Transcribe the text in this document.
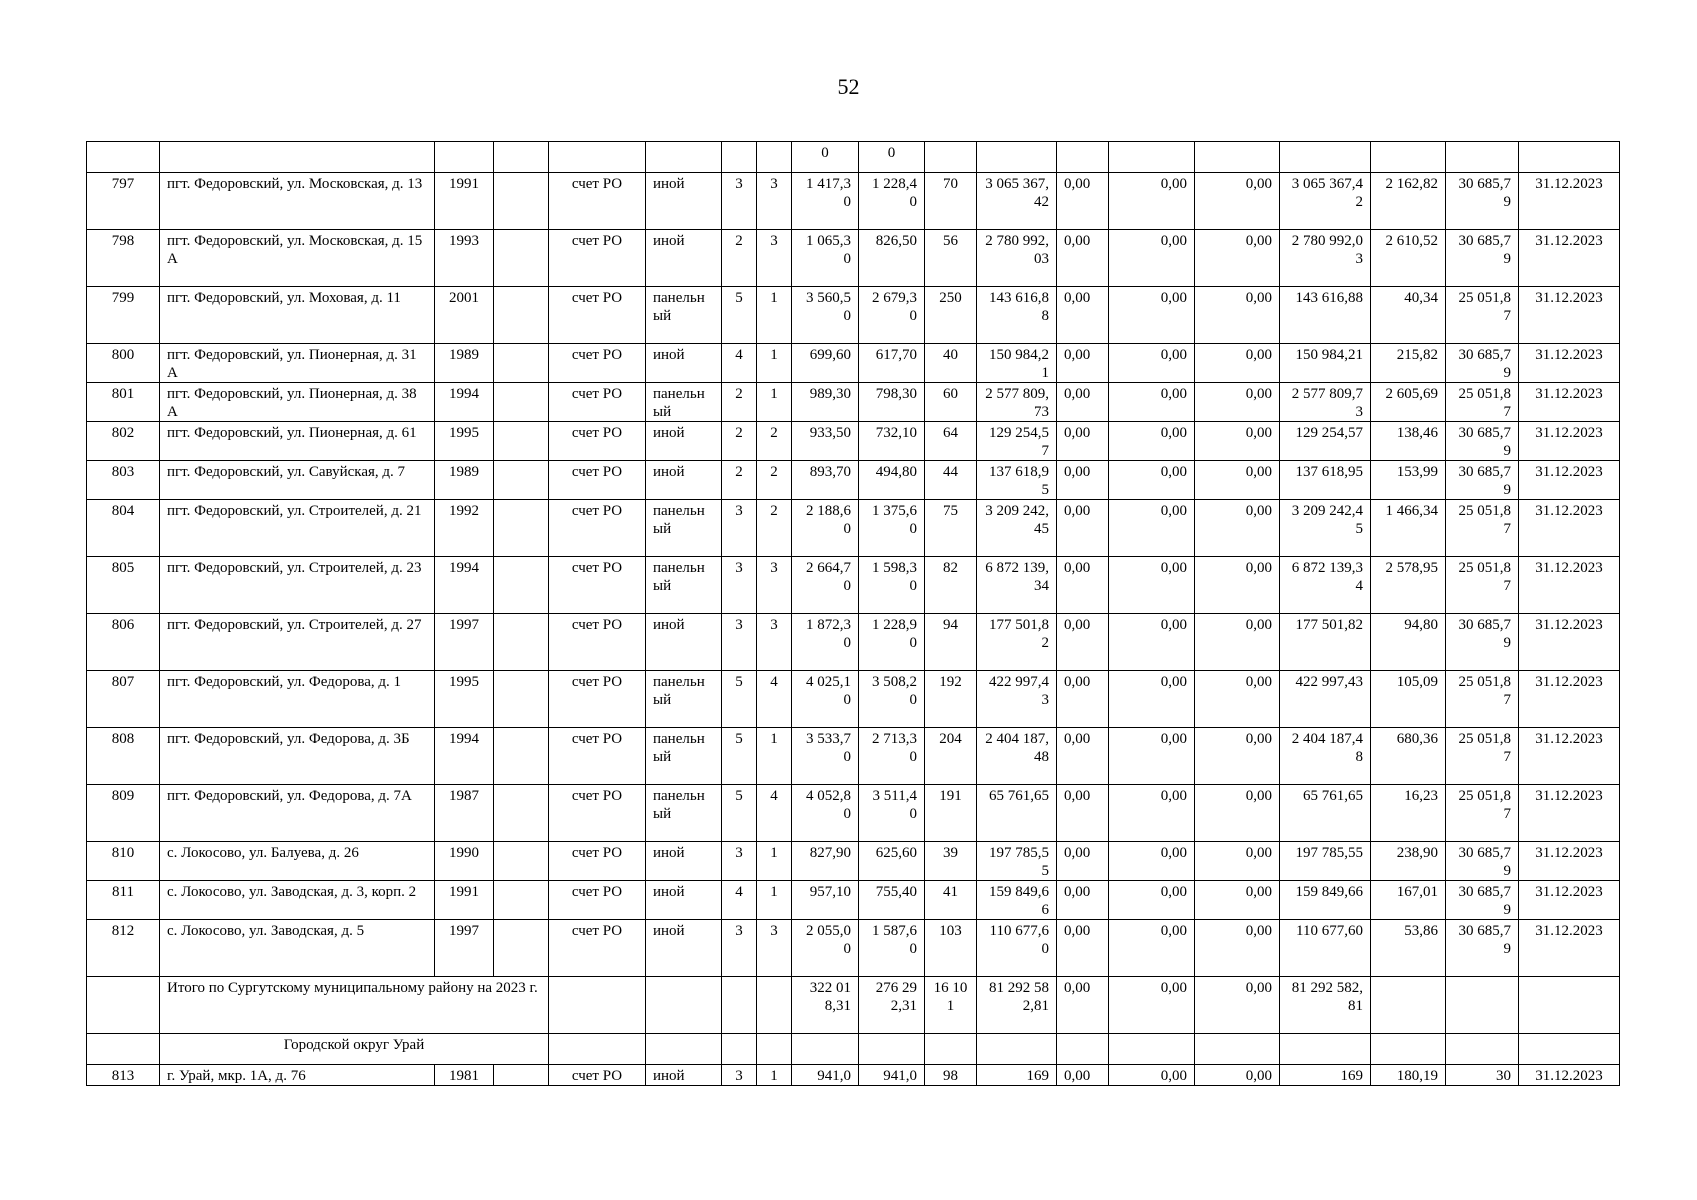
52
								0	0									
797	пгт. Федоровский, ул. Московская, д. 13	1991		счет РО	иной	3	3	1 417,30	1 228,40	70	3 065 367,42	0,00	0,00	0,00	3 065 367,42	2 162,82	30 685,79	31.12.2023
798	пгт. Федоровский, ул. Московская, д. 15А	1993		счет РО	иной	2	3	1 065,30	826,50	56	2 780 992,03	0,00	0,00	0,00	2 780 992,03	2 610,52	30 685,79	31.12.2023
799	пгт. Федоровский, ул. Моховая, д. 11	2001		счет РО	панельный	5	1	3 560,50	2 679,30	250	143 616,88	0,00	0,00	0,00	143 616,88	40,34	25 051,87	31.12.2023
800	пгт. Федоровский, ул. Пионерная, д. 31А	1989		счет РО	иной	4	1	699,60	617,70	40	150 984,21	0,00	0,00	0,00	150 984,21	215,82	30 685,79	31.12.2023
801	пгт. Федоровский, ул. Пионерная, д. 38А	1994		счет РО	панельный	2	1	989,30	798,30	60	2 577 809,73	0,00	0,00	0,00	2 577 809,73	2 605,69	25 051,87	31.12.2023
802	пгт. Федоровский, ул. Пионерная, д. 61	1995		счет РО	иной	2	2	933,50	732,10	64	129 254,57	0,00	0,00	0,00	129 254,57	138,46	30 685,79	31.12.2023
803	пгт. Федоровский, ул. Савуйская, д. 7	1989		счет РО	иной	2	2	893,70	494,80	44	137 618,95	0,00	0,00	0,00	137 618,95	153,99	30 685,79	31.12.2023
804	пгт. Федоровский, ул. Строителей, д. 21	1992		счет РО	панельный	3	2	2 188,60	1 375,60	75	3 209 242,45	0,00	0,00	0,00	3 209 242,45	1 466,34	25 051,87	31.12.2023
805	пгт. Федоровский, ул. Строителей, д. 23	1994		счет РО	панельный	3	3	2 664,70	1 598,30	82	6 872 139,34	0,00	0,00	0,00	6 872 139,34	2 578,95	25 051,87	31.12.2023
806	пгт. Федоровский, ул. Строителей, д. 27	1997		счет РО	иной	3	3	1 872,30	1 228,90	94	177 501,82	0,00	0,00	0,00	177 501,82	94,80	30 685,79	31.12.2023
807	пгт. Федоровский, ул. Федорова, д. 1	1995		счет РО	панельный	5	4	4 025,10	3 508,20	192	422 997,43	0,00	0,00	0,00	422 997,43	105,09	25 051,87	31.12.2023
808	пгт. Федоровский, ул. Федорова, д. 3Б	1994		счет РО	панельный	5	1	3 533,70	2 713,30	204	2 404 187,48	0,00	0,00	0,00	2 404 187,48	680,36	25 051,87	31.12.2023
809	пгт. Федоровский, ул. Федорова, д. 7А	1987		счет РО	панельный	5	4	4 052,80	3 511,40	191	65 761,65	0,00	0,00	0,00	65 761,65	16,23	25 051,87	31.12.2023
810	с. Локосово, ул. Балуева, д. 26	1990		счет РО	иной	3	1	827,90	625,60	39	197 785,55	0,00	0,00	0,00	197 785,55	238,90	30 685,79	31.12.2023
811	с. Локосово, ул. Заводская, д. 3, корп. 2	1991		счет РО	иной	4	1	957,10	755,40	41	159 849,66	0,00	0,00	0,00	159 849,66	167,01	30 685,79	31.12.2023
812	с. Локосово, ул. Заводская, д. 5	1997		счет РО	иной	3	3	2 055,00	1 587,60	103	110 677,60	0,00	0,00	0,00	110 677,60	53,86	30 685,79	31.12.2023
	Итого по Сургутскому муниципальному району на 2023 г.							322 018,31	276 292,31	16 101	81 292 582,81	0,00	0,00	0,00	81 292 582,81			
	Городской округ Урай																	
813	г. Урай, мкр. 1А, д. 76	1981		счет РО	иной	3	1	941,0	941,0	98	169	0,00	0,00	0,00	169	180,19	30	31.12.2023
